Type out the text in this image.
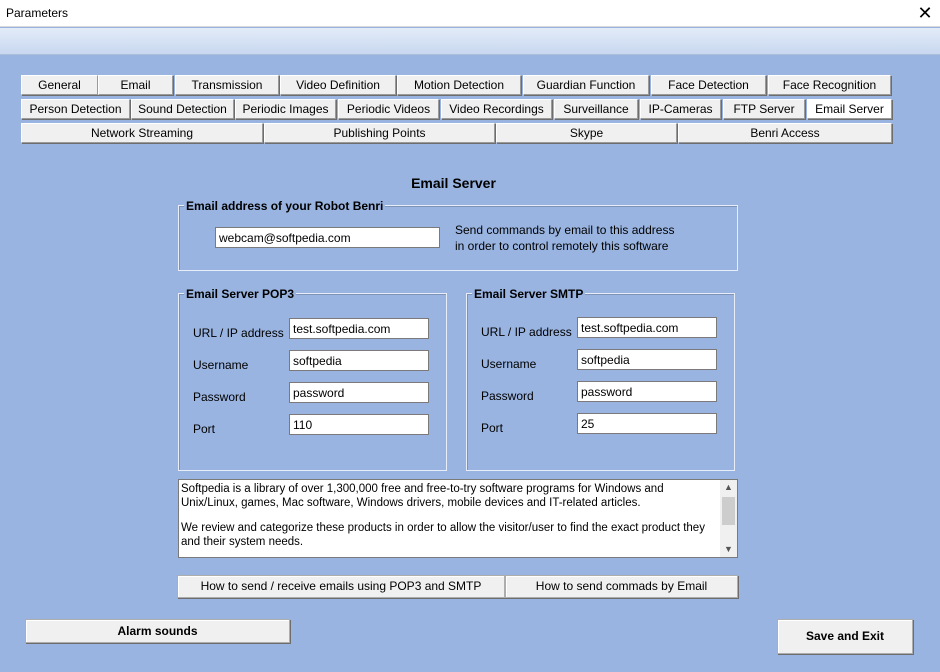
Parameters	✕
General	Email	Transmission	Video Definition	Motion Detection	Guardian Function	Face Detection	Face Recognition
Person Detection	Sound Detection	Periodic Images	Periodic Videos	Video Recordings	Surveillance	IP-Cameras	FTP Server	Email Server
Network Streaming	Publishing Points	Skype	Benri Access
Email Server
Email address of your Robot Benri
webcam@softpedia.com
Send commands by email to this address
in order to control remotely this software
Email Server POP3
URL / IP address
test.softpedia.com
Username
softpedia
Password
password
Port
110
Email Server SMTP
URL / IP address
test.softpedia.com
Username
softpedia
Password
password
Port
25
Softpedia is a library of over 1,300,000 free and free-to-try software programs for Windows and Unix/Linux, games, Mac software, Windows drivers, mobile devices and IT-related articles.
We review and categorize these products in order to allow the visitor/user to find the exact product they and their system needs.
▲
▼
How to send / receive emails using POP3 and SMTP	How to send commads by Email
Alarm sounds	Save and Exit
